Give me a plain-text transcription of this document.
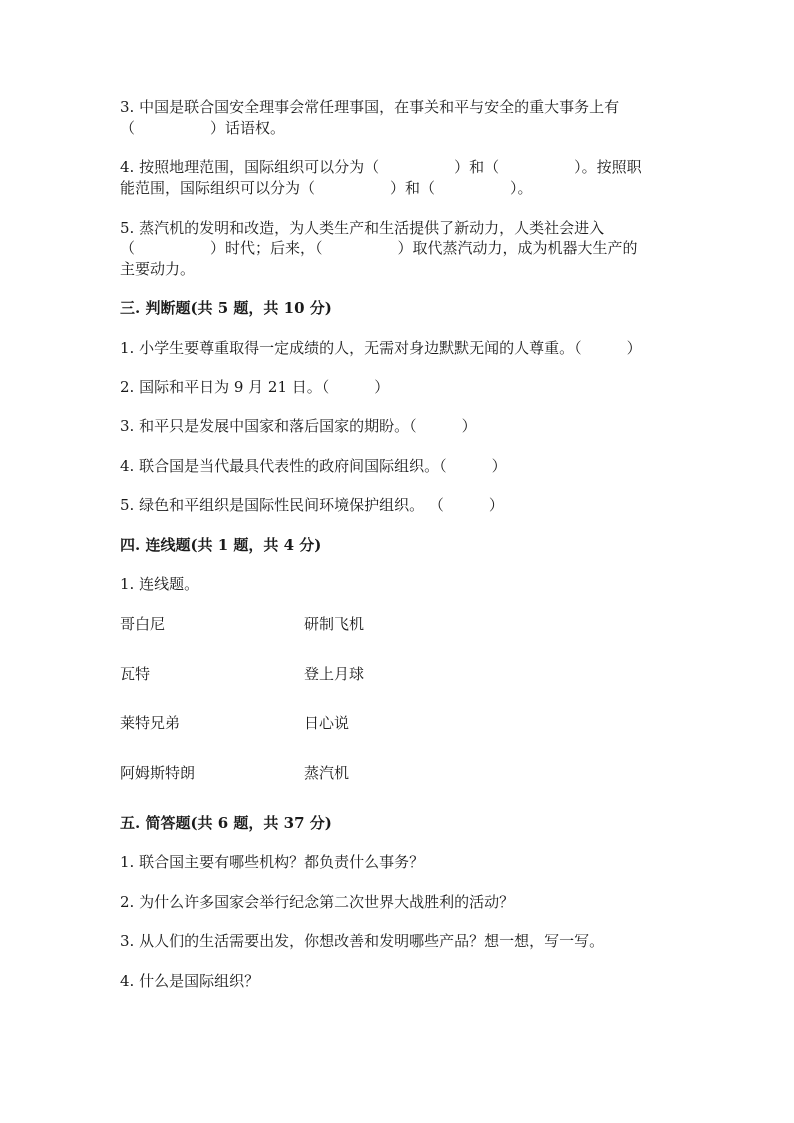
3. 中国是联合国安全理事会常任理事国，在事关和平与安全的重大事务上有
（　　　　　）话语权。
4. 按照地理范围，国际组织可以分为（　　　　　）和（　　　　　）。按照职
能范围，国际组织可以分为（　　　　　）和（　　　　　）。
5. 蒸汽机的发明和改造，为人类生产和生活提供了新动力，人类社会进入
（　　　　　）时代；后来，（　　　　　）取代蒸汽动力，成为机器大生产的
主要动力。
三. 判断题(共 5 题，共 10 分)
1. 小学生要尊重取得一定成绩的人，无需对身边默默无闻的人尊重。（　　　）
2. 国际和平日为 9 月 21 日。（　　　）
3. 和平只是发展中国家和落后国家的期盼。（　　　）
4. 联合国是当代最具代表性的政府间国际组织。（　　　）
5. 绿色和平组织是国际性民间环境保护组织。 （　　　）
四. 连线题(共 1 题，共 4 分)
1. 连线题。
哥白尼	研制飞机
瓦特	登上月球
莱特兄弟	日心说
阿姆斯特朗	蒸汽机
五. 简答题(共 6 题，共 37 分)
1. 联合国主要有哪些机构？都负责什么事务？
2. 为什么许多国家会举行纪念第二次世界大战胜利的活动？
3. 从人们的生活需要出发，你想改善和发明哪些产品？想一想，写一写。
4. 什么是国际组织？
